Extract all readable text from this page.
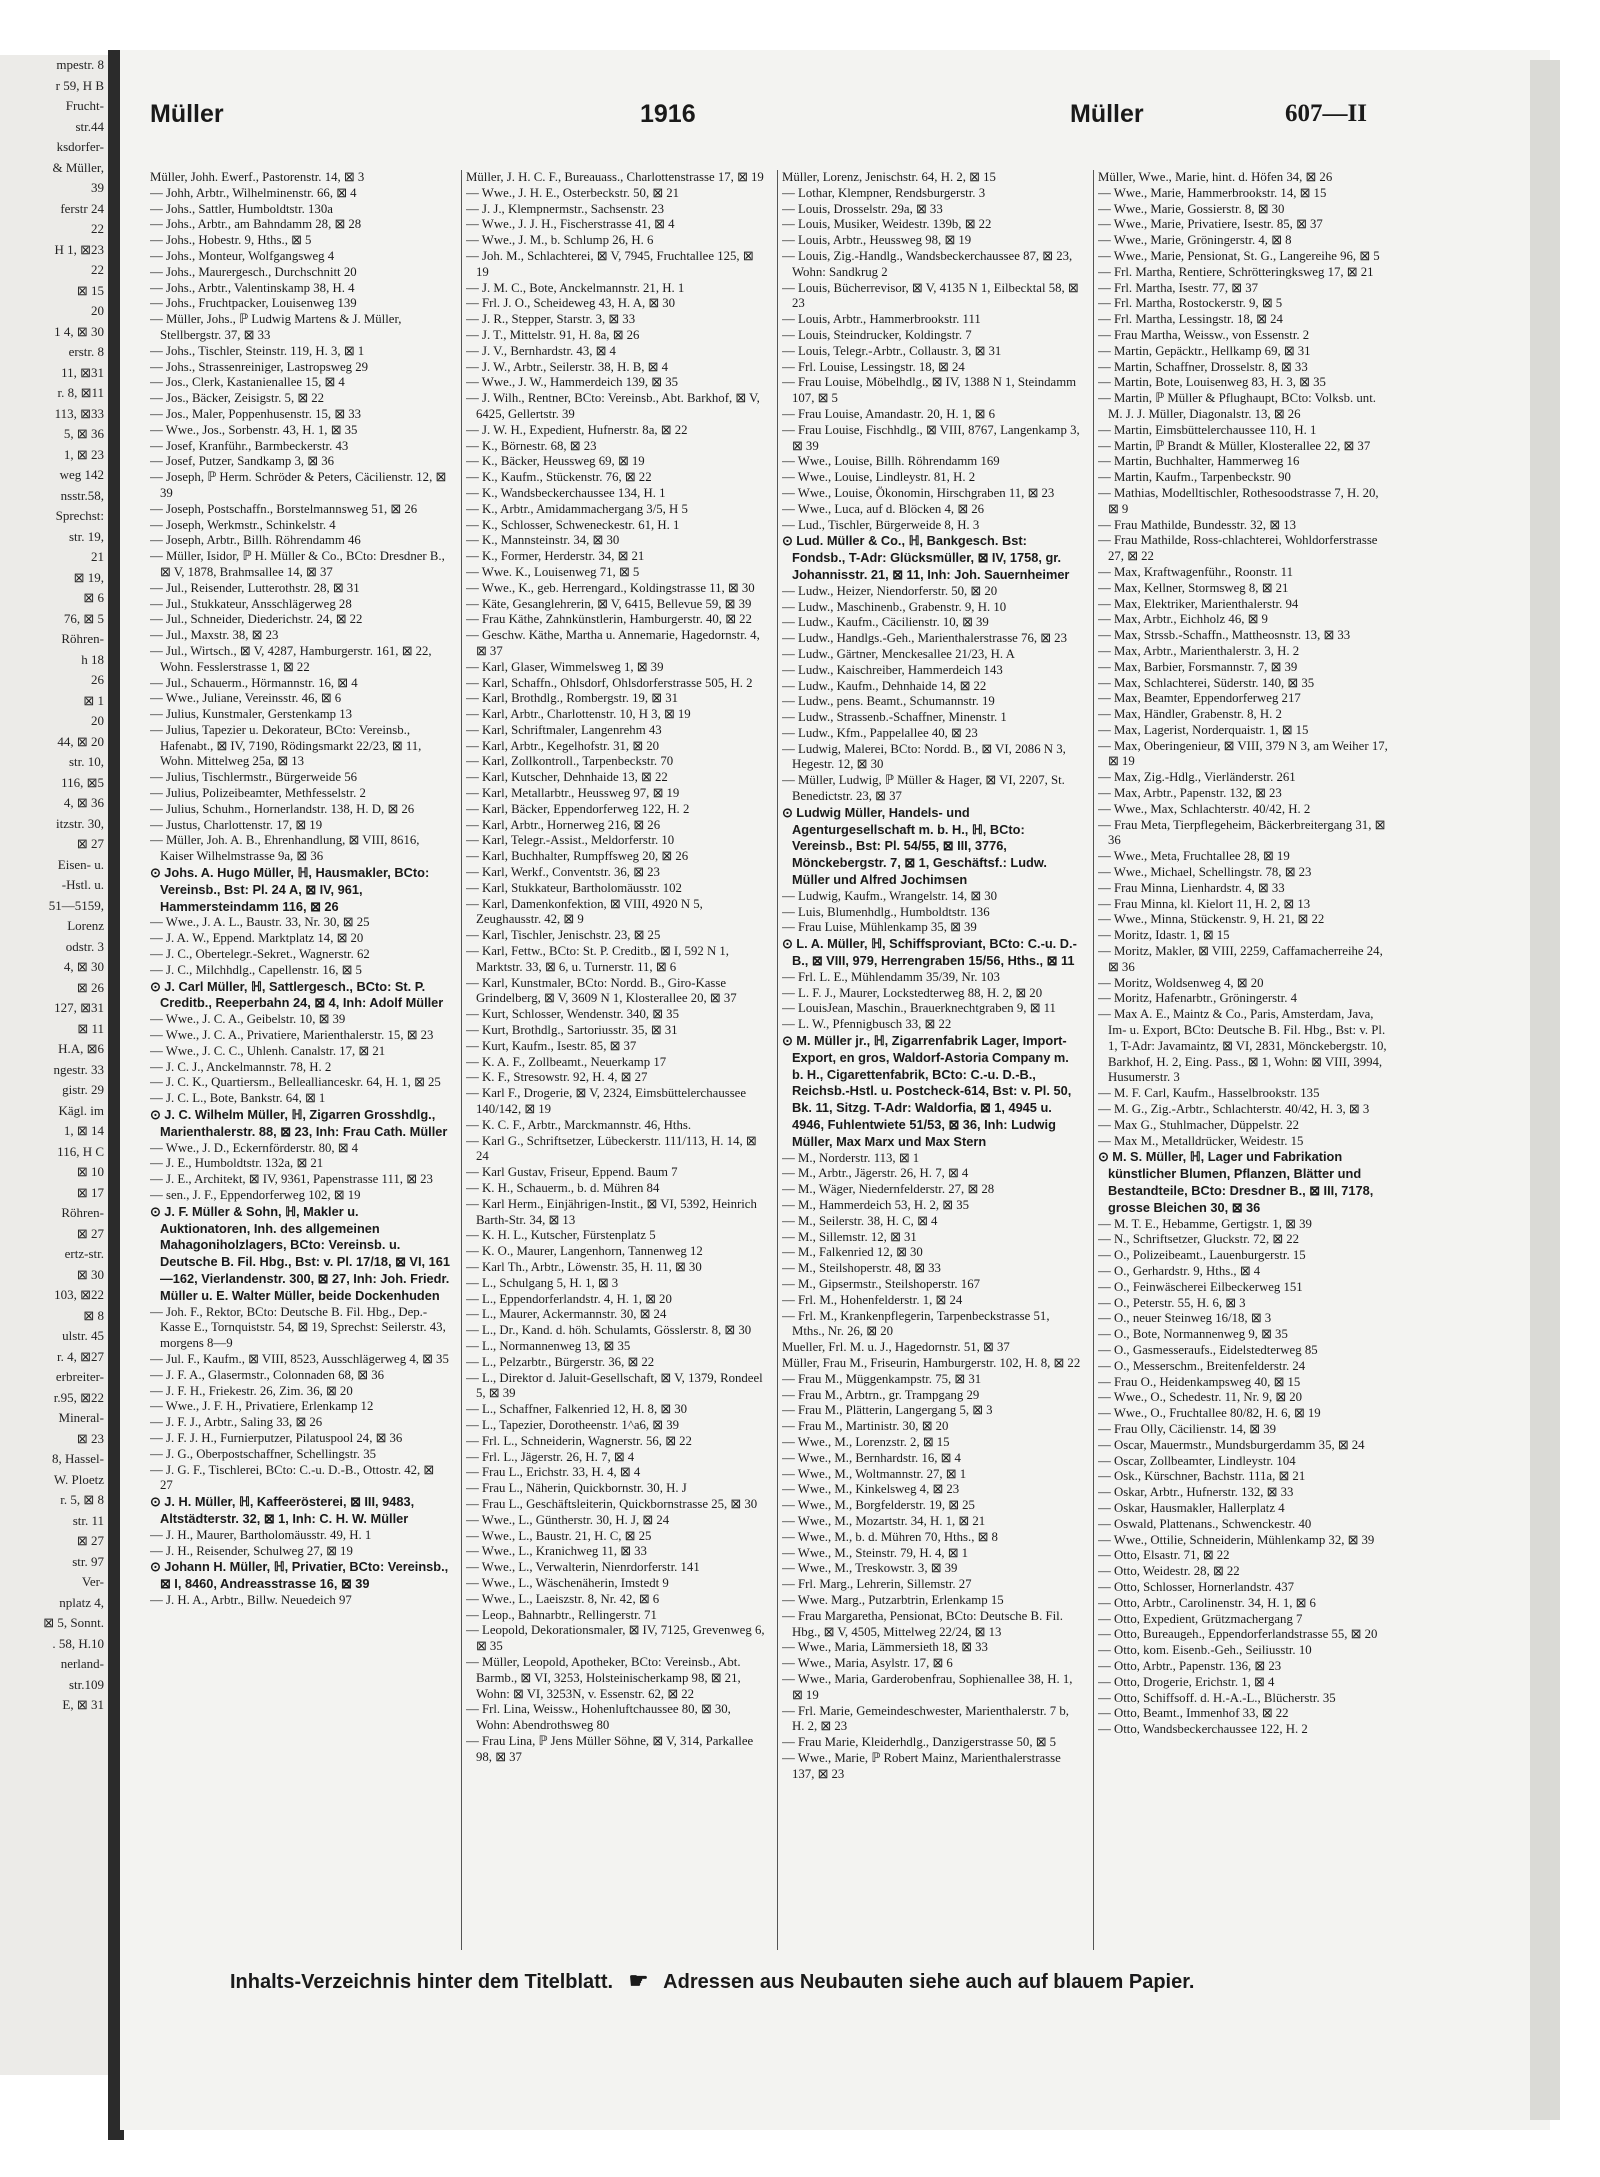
mpestr. 8
r 59, H B
Frucht-
str.44
ksdorfer-
& Müller,
39
ferstr 24
22
H 1, ⊠23
22
⊠ 15
20
1 4, ⊠ 30
erstr. 8
11, ⊠31
r. 8, ⊠11
113, ⊠33
5, ⊠ 36
1, ⊠ 23
weg 142
nsstr.58,
Sprechst:
str. 19,
21
⊠ 19,
⊠ 6
76, ⊠ 5
Röhren-
h 18
26
⊠ 1
20
44, ⊠ 20
str. 10,
116, ⊠5
4, ⊠ 36
itzstr. 30,
⊠ 27
Eisen- u.
-Hstl. u.
51—5159,
Lorenz
odstr. 3
4, ⊠ 30
⊠ 26
127, ⊠31
⊠ 11
H.A, ⊠6
ngestr. 33
gistr. 29
Kägl. im
1, ⊠ 14
116, H C
⊠ 10
⊠ 17
Röhren-
⊠ 27
ertz-str.
⊠ 30
103, ⊠22
⊠ 8
ulstr. 45
r. 4, ⊠27
erbreiter-
r.95, ⊠22
Mineral-
⊠ 23
8, Hassel-
W. Ploetz
r. 5, ⊠ 8
str. 11
⊠ 27
str. 97
Ver-
nplatz 4,
⊠ 5, Sonnt.
. 58, H.10
nerland-
str.109
E, ⊠ 31
Müller	1916	Müller	607—II

Müller, Johh. Ewerf., Pastorenstr. 14, ⊠ 3

— Johh, Arbtr., Wilhelminenstr. 66, ⊠ 4

— Johs., Sattler, Humboldtstr. 130a

— Johs., Arbtr., am Bahndamm 28, ⊠ 28

— Johs., Hobestr. 9, Hths., ⊠ 5

— Johs., Monteur, Wolfgangsweg 4

— Johs., Maurergesch., Durchschnitt 20

— Johs., Arbtr., Valentinskamp 38, H. 4

— Johs., Fruchtpacker, Louisenweg 139

— Müller, Johs., ℙ Ludwig Martens & J. Müller, Stellbergstr. 37, ⊠ 33

— Johs., Tischler, Steinstr. 119, H. 3, ⊠ 1

— Johs., Strassenreiniger, Lastropsweg 29

— Jos., Clerk, Kastanienallee 15, ⊠ 4

— Jos., Bäcker, Zeisigstr. 5, ⊠ 22

— Jos., Maler, Poppenhusenstr. 15, ⊠ 33

— Wwe., Jos., Sorbenstr. 43, H. 1, ⊠ 35

— Josef, Kranführ., Barmbeckerstr. 43

— Josef, Putzer, Sandkamp 3, ⊠ 36

— Joseph, ℙ Herm. Schröder & Peters, Cäcilienstr. 12, ⊠ 39

— Joseph, Postschaffn., Borstelmannsweg 51, ⊠ 26

— Joseph, Werkmstr., Schinkelstr. 4

— Joseph, Arbtr., Billh. Röhrendamm 46

— Müller, Isidor, ℙ H. Müller & Co., BCto: Dresdner B., ⊠ V, 1878, Brahmsallee 14, ⊠ 37

— Jul., Reisender, Lutterothstr. 28, ⊠ 31

— Jul., Stukkateur, Ansschlägerweg 28

— Jul., Schneider, Diederichstr. 24, ⊠ 22

— Jul., Maxstr. 38, ⊠ 23

— Jul., Wirtsch., ⊠ V, 4287, Hamburgerstr. 161, ⊠ 22, Wohn. Fesslerstrasse 1, ⊠ 22

— Jul., Schauerm., Hörmannstr. 16, ⊠ 4

— Wwe., Juliane, Vereinsstr. 46, ⊠ 6

— Julius, Kunstmaler, Gerstenkamp 13

— Julius, Tapezier u. Dekorateur, BCto: Vereinsb., Hafenabt., ⊠ IV, 7190, Rödingsmarkt 22/23, ⊠ 11, Wohn. Mittelweg 25a, ⊠ 13

— Julius, Tischlermstr., Bürgerweide 56

— Julius, Polizeibeamter, Methfesselstr. 2

— Julius, Schuhm., Hornerlandstr. 138, H. D, ⊠ 26

— Justus, Charlottenstr. 17, ⊠ 19

— Müller, Joh. A. B., Ehrenhandlung, ⊠ VIII, 8616, Kaiser Wilhelmstrasse 9a, ⊠ 36

⊙ Johs. A. Hugo Müller, ℍ, Hausmakler, BCto: Vereinsb., Bst: Pl. 24 A, ⊠ IV, 961, Hammersteindamm 116, ⊠ 26

— Wwe., J. A. L., Baustr. 33, Nr. 30, ⊠ 25

— J. A. W., Eppend. Marktplatz 14, ⊠ 20

— J. C., Obertelegr.-Sekret., Wagnerstr. 62

— J. C., Milchhdlg., Capellenstr. 16, ⊠ 5

⊙ J. Carl Müller, ℍ, Sattlergesch., BCto: St. P. Creditb., Reeperbahn 24, ⊠ 4, Inh: Adolf Müller

— Wwe., J. C. A., Geibelstr. 10, ⊠ 39

— Wwe., J. C. A., Privatiere, Marienthalerstr. 15, ⊠ 23

— Wwe., J. C. C., Uhlenh. Canalstr. 17, ⊠ 21

— J. C. J., Anckelmannstr. 78, H. 2

— J. C. K., Quartiersm., Belleallianceskr. 64, H. 1, ⊠ 25

— J. C. L., Bote, Bankstr. 64, ⊠ 1

⊙ J. C. Wilhelm Müller, ℍ, Zigarren Grosshdlg., Marienthalerstr. 88, ⊠ 23, Inh: Frau Cath. Müller

— Wwe., J. D., Eckernförderstr. 80, ⊠ 4

— J. E., Humboldtstr. 132a, ⊠ 21

— J. E., Architekt, ⊠ IV, 9361, Papenstrasse 111, ⊠ 23

— sen., J. F., Eppendorferweg 102, ⊠ 19

⊙ J. F. Müller & Sohn, ℍ, Makler u. Auktionatoren, Inh. des allgemeinen Mahagoniholzlagers, BCto: Vereinsb. u. Deutsche B. Fil. Hbg., Bst: v. Pl. 17/18, ⊠ VI, 161—162, Vierlandenstr. 300, ⊠ 27, Inh: Joh. Friedr. Müller u. E. Walter Müller, beide Dockenhuden

— Joh. F., Rektor, BCto: Deutsche B. Fil. Hbg., Dep.-Kasse E., Tornquiststr. 54, ⊠ 19, Sprechst: Seilerstr. 43, morgens 8—9

— Jul. F., Kaufm., ⊠ VIII, 8523, Ausschlägerweg 4, ⊠ 35

— J. F. A., Glasermstr., Colonnaden 68, ⊠ 36

— J. F. H., Friekestr. 26, Zim. 36, ⊠ 20

— Wwe., J. F. H., Privatiere, Erlenkamp 12

— J. F. J., Arbtr., Saling 33, ⊠ 26

— J. F. J. H., Furnierputzer, Pilatuspool 24, ⊠ 36

— J. G., Oberpostschaffner, Schellingstr. 35

— J. G. F., Tischlerei, BCto: C.-u. D.-B., Ottostr. 42, ⊠ 27

⊙ J. H. Müller, ℍ, Kaffeerösterei, ⊠ III, 9483, Altstädterstr. 32, ⊠ 1, Inh: C. H. W. Müller

— J. H., Maurer, Bartholomäusstr. 49, H. 1

— J. H., Reisender, Schulweg 27, ⊠ 19

⊙ Johann H. Müller, ℍ, Privatier, BCto: Vereinsb., ⊠ I, 8460, Andreasstrasse 16, ⊠ 39

— J. H. A., Arbtr., Billw. Neuedeich 97

Müller, J. H. C. F., Bureauass., Charlottenstrasse 17, ⊠ 19

— Wwe., J. H. E., Osterbeckstr. 50, ⊠ 21

— J. J., Klempnermstr., Sachsenstr. 23

— Wwe., J. J. H., Fischerstrasse 41, ⊠ 4

— Wwe., J. M., b. Schlump 26, H. 6

— Joh. M., Schlachterei, ⊠ V, 7945, Fruchtallee 125, ⊠ 19

— J. M. C., Bote, Anckelmannstr. 21, H. 1

— Frl. J. O., Scheideweg 43, H. A, ⊠ 30

— J. R., Stepper, Starstr. 3, ⊠ 33

— J. T., Mittelstr. 91, H. 8a, ⊠ 26

— J. V., Bernhardstr. 43, ⊠ 4

— J. W., Arbtr., Seilerstr. 38, H. B, ⊠ 4

— Wwe., J. W., Hammerdeich 139, ⊠ 35

— J. Wilh., Rentner, BCto: Vereinsb., Abt. Barkhof, ⊠ V, 6425, Gellertstr. 39

— J. W. H., Expedient, Hufnerstr. 8a, ⊠ 22

— K., Börnestr. 68, ⊠ 23

— K., Bäcker, Heussweg 69, ⊠ 19

— K., Kaufm., Stückenstr. 76, ⊠ 22

— K., Wandsbeckerchaussee 134, H. 1

— K., Arbtr., Amidammachergang 3/5, H 5

— K., Schlosser, Schweneckestr. 61, H. 1

— K., Mannsteinstr. 34, ⊠ 30

— K., Former, Herderstr. 34, ⊠ 21

— Wwe. K., Louisenweg 71, ⊠ 5

— Wwe., K., geb. Herrengard., Koldingstrasse 11, ⊠ 30

— Käte, Gesanglehrerin, ⊠ V, 6415, Bellevue 59, ⊠ 39

— Frau Käthe, Zahnkünstlerin, Hamburgerstr. 40, ⊠ 22

— Geschw. Käthe, Martha u. Annemarie, Hagedornstr. 4, ⊠ 37

— Karl, Glaser, Wimmelsweg 1, ⊠ 39

— Karl, Schaffn., Ohlsdorf, Ohlsdorferstrasse 505, H. 2

— Karl, Brothdlg., Rombergstr. 19, ⊠ 31

— Karl, Arbtr., Charlottenstr. 10, H 3, ⊠ 19

— Karl, Schriftmaler, Langenrehm 43

— Karl, Arbtr., Kegelhofstr. 31, ⊠ 20

— Karl, Zollkontroll., Tarpenbeckstr. 70

— Karl, Kutscher, Dehnhaide 13, ⊠ 22

— Karl, Metallarbtr., Heussweg 97, ⊠ 19

— Karl, Bäcker, Eppendorferweg 122, H. 2

— Karl, Arbtr., Hornerweg 216, ⊠ 26

— Karl, Telegr.-Assist., Meldorferstr. 10

— Karl, Buchhalter, Rumpffsweg 20, ⊠ 26

— Karl, Werkf., Conventstr. 36, ⊠ 23

— Karl, Stukkateur, Bartholomäusstr. 102

— Karl, Damenkonfektion, ⊠ VIII, 4920 N 5, Zeughausstr. 42, ⊠ 9

— Karl, Tischler, Jenischstr. 23, ⊠ 25

— Karl, Fettw., BCto: St. P. Creditb., ⊠ I, 592 N 1, Marktstr. 33, ⊠ 6, u. Turnerstr. 11, ⊠ 6

— Karl, Kunstmaler, BCto: Nordd. B., Giro-Kasse Grindelberg, ⊠ V, 3609 N 1, Klosterallee 20, ⊠ 37

— Kurt, Schlosser, Wendenstr. 340, ⊠ 35

— Kurt, Brothdlg., Sartoriusstr. 35, ⊠ 31

— Kurt, Kaufm., Isestr. 85, ⊠ 37

— K. A. F., Zollbeamt., Neuerkamp 17

— K. F., Stresowstr. 92, H. 4, ⊠ 27

— Karl F., Drogerie, ⊠ V, 2324, Eimsbüttelerchaussee 140/142, ⊠ 19

— K. C. F., Arbtr., Marckmannstr. 46, Hths.

— Karl G., Schriftsetzer, Lübeckerstr. 111/113, H. 14, ⊠ 24

— Karl Gustav, Friseur, Eppend. Baum 7

— K. H., Schauerm., b. d. Mühren 84

— Karl Herm., Einjährigen-Instit., ⊠ VI, 5392, Heinrich Barth-Str. 34, ⊠ 13

— K. H. L., Kutscher, Fürstenplatz 5

— K. O., Maurer, Langenhorn, Tannenweg 12

— Karl Th., Arbtr., Löwenstr. 35, H. 11, ⊠ 30

— L., Schulgang 5, H. 1, ⊠ 3

— L., Eppendorferlandstr. 4, H. 1, ⊠ 20

— L., Maurer, Ackermannstr. 30, ⊠ 24

— L., Dr., Kand. d. höh. Schulamts, Gösslerstr. 8, ⊠ 30

— L., Normannenweg 13, ⊠ 35

— L., Pelzarbtr., Bürgerstr. 36, ⊠ 22

— L., Direktor d. Jaluit-Gesellschaft, ⊠ V, 1379, Rondeel 5, ⊠ 39

— L., Schaffner, Falkenried 12, H. 8, ⊠ 30

— L., Tapezier, Dorotheenstr. 1^a6, ⊠ 39

— Frl. L., Schneiderin, Wagnerstr. 56, ⊠ 22

— Frl. L., Jägerstr. 26, H. 7, ⊠ 4

— Frau L., Erichstr. 33, H. 4, ⊠ 4

— Frau L., Näherin, Quickbornstr. 30, H. J

— Frau L., Geschäftsleiterin, Quickbornstrasse 25, ⊠ 30

— Wwe., L., Güntherstr. 30, H. J, ⊠ 24

— Wwe., L., Baustr. 21, H. C, ⊠ 25

— Wwe., L., Kranichweg 11, ⊠ 33

— Wwe., L., Verwalterin, Nienrdorferstr. 141

— Wwe., L., Wäschenäherin, Imstedt 9

— Wwe., L., Laeiszstr. 8, Nr. 42, ⊠ 6

— Leop., Bahnarbtr., Rellingerstr. 71

— Leopold, Dekorationsmaler, ⊠ IV, 7125, Grevenweg 6, ⊠ 35

— Müller, Leopold, Apotheker, BCto: Vereinsb., Abt. Barmb., ⊠ VI, 3253, Holsteinischerkamp 98, ⊠ 21, Wohn: ⊠ VI, 3253N, v. Essenstr. 62, ⊠ 22

— Frl. Lina, Weissw., Hohenluftchaussee 80, ⊠ 30, Wohn: Abendrothsweg 80

— Frau Lina, ℙ Jens Müller Söhne, ⊠ V, 314, Parkallee 98, ⊠ 37

Müller, Lorenz, Jenischstr. 64, H. 2, ⊠ 15

— Lothar, Klempner, Rendsburgerstr. 3

— Louis, Drosselstr. 29a, ⊠ 33

— Louis, Musiker, Weidestr. 139b, ⊠ 22

— Louis, Arbtr., Heussweg 98, ⊠ 19

— Louis, Zig.-Handlg., Wandsbeckerchaussee 87, ⊠ 23, Wohn: Sandkrug 2

— Louis, Bücherrevisor, ⊠ V, 4135 N 1, Eilbecktal 58, ⊠ 23

— Louis, Arbtr., Hammerbrookstr. 111

— Louis, Steindrucker, Koldingstr. 7

— Louis, Telegr.-Arbtr., Collaustr. 3, ⊠ 31

— Frl. Louise, Lessingstr. 18, ⊠ 24

— Frau Louise, Möbelhdlg., ⊠ IV, 1388 N 1, Steindamm 107, ⊠ 5

— Frau Louise, Amandastr. 20, H. 1, ⊠ 6

— Frau Louise, Fischhdlg., ⊠ VIII, 8767, Langenkamp 3, ⊠ 39

— Wwe., Louise, Billh. Röhrendamm 169

— Wwe., Louise, Lindleystr. 81, H. 2

— Wwe., Louise, Ökonomin, Hirschgraben 11, ⊠ 23

— Wwe., Luca, auf d. Blöcken 4, ⊠ 26

— Lud., Tischler, Bürgerweide 8, H. 3

⊙ Lud. Müller & Co., ℍ, Bankgesch. Bst: Fondsb., T-Adr: Glücksmüller, ⊠ IV, 1758, gr. Johannisstr. 21, ⊠ 11, Inh: Joh. Sauernheimer

— Ludw., Heizer, Niendorferstr. 50, ⊠ 20

— Ludw., Maschinenb., Grabenstr. 9, H. 10

— Ludw., Kaufm., Cäcilienstr. 10, ⊠ 39

— Ludw., Handlgs.-Geh., Marienthalerstrasse 76, ⊠ 23

— Ludw., Gärtner, Menckesallee 21/23, H. A

— Ludw., Kaischreiber, Hammerdeich 143

— Ludw., Kaufm., Dehnhaide 14, ⊠ 22

— Ludw., pens. Beamt., Schumannstr. 19

— Ludw., Strassenb.-Schaffner, Minenstr. 1

— Ludw., Kfm., Pappelallee 40, ⊠ 23

— Ludwig, Malerei, BCto: Nordd. B., ⊠ VI, 2086 N 3, Hegestr. 12, ⊠ 30

— Müller, Ludwig, ℙ Müller & Hager, ⊠ VI, 2207, St. Benedictstr. 23, ⊠ 37

⊙ Ludwig Müller, Handels- und Agenturgesellschaft m. b. H., ℍ, BCto: Vereinsb., Bst: Pl. 54/55, ⊠ III, 3776, Mönckebergstr. 7, ⊠ 1, Geschäftsf.: Ludw. Müller und Alfred Jochimsen

— Ludwig, Kaufm., Wrangelstr. 14, ⊠ 30

— Luis, Blumenhdlg., Humboldtstr. 136

— Frau Luise, Mühlenkamp 35, ⊠ 39

⊙ L. A. Müller, ℍ, Schiffsproviant, BCto: C.-u. D.-B., ⊠ VIII, 979, Herrengraben 15/56, Hths., ⊠ 11

— Frl. L. E., Mühlendamm 35/39, Nr. 103

— L. F. J., Maurer, Lockstedterweg 88, H. 2, ⊠ 20

— LouisJean, Maschin., Brauerknechtgraben 9, ⊠ 11

— L. W., Pfennigbusch 33, ⊠ 22

⊙ M. Müller jr., ℍ, Zigarrenfabrik Lager, Import-Export, en gros, Waldorf-Astoria Company m. b. H., Cigarettenfabrik, BCto: C.-u. D.-B., Reichsb.-Hstl. u. Postcheck-614, Bst: v. Pl. 50, Bk. 11, Sitzg. T-Adr: Waldorfia, ⊠ 1, 4945 u. 4946, Fuhlentwiete 51/53, ⊠ 36, Inh: Ludwig Müller, Max Marx und Max Stern

— M., Norderstr. 113, ⊠ 1

— M., Arbtr., Jägerstr. 26, H. 7, ⊠ 4

— M., Wäger, Niedernfelderstr. 27, ⊠ 28

— M., Hammerdeich 53, H. 2, ⊠ 35

— M., Seilerstr. 38, H. C, ⊠ 4

— M., Sillemstr. 12, ⊠ 31

— M., Falkenried 12, ⊠ 30

— M., Steilshoperstr. 48, ⊠ 33

— M., Gipsermstr., Steilshoperstr. 167

— Frl. M., Hohenfelderstr. 1, ⊠ 24

— Frl. M., Krankenpflegerin, Tarpenbeckstrasse 51, Mths., Nr. 26, ⊠ 20

Mueller, Frl. M. u. J., Hagedornstr. 51, ⊠ 37

Müller, Frau M., Friseurin, Hamburgerstr. 102, H. 8, ⊠ 22

— Frau M., Müggenkampstr. 75, ⊠ 31

— Frau M., Arbtrn., gr. Trampgang 29

— Frau M., Plätterin, Langergang 5, ⊠ 3

— Frau M., Martinistr. 30, ⊠ 20

— Wwe., M., Lorenzstr. 2, ⊠ 15

— Wwe., M., Bernhardstr. 16, ⊠ 4

— Wwe., M., Woltmannstr. 27, ⊠ 1

— Wwe., M., Kinkelsweg 4, ⊠ 23

— Wwe., M., Borgfelderstr. 19, ⊠ 25

— Wwe., M., Mozartstr. 34, H. 1, ⊠ 21

— Wwe., M., b. d. Mühren 70, Hths., ⊠ 8

— Wwe., M., Steinstr. 79, H. 4, ⊠ 1

— Wwe., M., Treskowstr. 3, ⊠ 39

— Frl. Marg., Lehrerin, Sillemstr. 27

— Wwe. Marg., Putzarbtrin, Erlenkamp 15

— Frau Margaretha, Pensionat, BCto: Deutsche B. Fil. Hbg., ⊠ V, 4505, Mittelweg 22/24, ⊠ 13

— Wwe., Maria, Lämmersieth 18, ⊠ 33

— Wwe., Maria, Asylstr. 17, ⊠ 6

— Wwe., Maria, Garderobenfrau, Sophienallee 38, H. 1, ⊠ 19

— Frl. Marie, Gemeindeschwester, Marienthalerstr. 7 b, H. 2, ⊠ 23

— Frau Marie, Kleiderhdlg., Danzigerstrasse 50, ⊠ 5

— Wwe., Marie, ℙ Robert Mainz, Marienthalerstrasse 137, ⊠ 23

Müller, Wwe., Marie, hint. d. Höfen 34, ⊠ 26

— Wwe., Marie, Hammerbrookstr. 14, ⊠ 15

— Wwe., Marie, Gossierstr. 8, ⊠ 30

— Wwe., Marie, Privatiere, Isestr. 85, ⊠ 37

— Wwe., Marie, Gröningerstr. 4, ⊠ 8

— Wwe., Marie, Pensionat, St. G., Langereihe 96, ⊠ 5

— Frl. Martha, Rentiere, Schrötteringksweg 17, ⊠ 21

— Frl. Martha, Isestr. 77, ⊠ 37

— Frl. Martha, Rostockerstr. 9, ⊠ 5

— Frl. Martha, Lessingstr. 18, ⊠ 24

— Frau Martha, Weissw., von Essenstr. 2

— Martin, Gepäcktr., Hellkamp 69, ⊠ 31

— Martin, Schaffner, Drosselstr. 8, ⊠ 33

— Martin, Bote, Louisenweg 83, H. 3, ⊠ 35

— Martin, ℙ Müller & Pflughaupt, BCto: Volksb. unt. M. J. J. Müller, Diagonalstr. 13, ⊠ 26

— Martin, Eimsbüttelerchaussee 110, H. 1

— Martin, ℙ Brandt & Müller, Klosterallee 22, ⊠ 37

— Martin, Buchhalter, Hammerweg 16

— Martin, Kaufm., Tarpenbeckstr. 90

— Mathias, Modelltischler, Rothesoodstrasse 7, H. 20, ⊠ 9

— Frau Mathilde, Bundesstr. 32, ⊠ 13

— Frau Mathilde, Ross-chlachterei, Wohldorferstrasse 27, ⊠ 22

— Max, Kraftwagenführ., Roonstr. 11

— Max, Kellner, Stormsweg 8, ⊠ 21

— Max, Elektriker, Marienthalerstr. 94

— Max, Arbtr., Eichholz 46, ⊠ 9

— Max, Strssb.-Schaffn., Mattheosnstr. 13, ⊠ 33

— Max, Arbtr., Marienthalerstr. 3, H. 2

— Max, Barbier, Forsmannstr. 7, ⊠ 39

— Max, Schlachterei, Süderstr. 140, ⊠ 35

— Max, Beamter, Eppendorferweg 217

— Max, Händler, Grabenstr. 8, H. 2

— Max, Lagerist, Norderquaistr. 1, ⊠ 15

— Max, Oberingenieur, ⊠ VIII, 379 N 3, am Weiher 17, ⊠ 19

— Max, Zig.-Hdlg., Vierländerstr. 261

— Max, Arbtr., Papenstr. 132, ⊠ 23

— Wwe., Max, Schlachterstr. 40/42, H. 2

— Frau Meta, Tierpflegeheim, Bäckerbreitergang 31, ⊠ 36

— Wwe., Meta, Fruchtallee 28, ⊠ 19

— Wwe., Michael, Schellingstr. 78, ⊠ 23

— Frau Minna, Lienhardstr. 4, ⊠ 33

— Frau Minna, kl. Kielort 11, H. 2, ⊠ 13

— Wwe., Minna, Stückenstr. 9, H. 21, ⊠ 22

— Moritz, Idastr. 1, ⊠ 15

— Moritz, Makler, ⊠ VIII, 2259, Caffamacherreihe 24, ⊠ 36

— Moritz, Woldsenweg 4, ⊠ 20

— Moritz, Hafenarbtr., Gröningerstr. 4

— Max A. E., Maintz & Co., Paris, Amsterdam, Java, Im- u. Export, BCto: Deutsche B. Fil. Hbg., Bst: v. Pl. 1, T-Adr: Javamaintz, ⊠ VI, 2831, Mönckebergstr. 10, Barkhof, H. 2, Eing. Pass., ⊠ 1, Wohn: ⊠ VIII, 3994, Husumerstr. 3

— M. F. Carl, Kaufm., Hasselbrookstr. 135

— M. G., Zig.-Arbtr., Schlachterstr. 40/42, H. 3, ⊠ 3

— Max G., Stuhlmacher, Düppelstr. 22

— Max M., Metalldrücker, Weidestr. 15

⊙ M. S. Müller, ℍ, Lager und Fabrikation künstlicher Blumen, Pflanzen, Blätter und Bestandteile, BCto: Dresdner B., ⊠ III, 7178, grosse Bleichen 30, ⊠ 36

— M. T. E., Hebamme, Gertigstr. 1, ⊠ 39

— N., Schriftsetzer, Gluckstr. 72, ⊠ 22

— O., Polizeibeamt., Lauenburgerstr. 15

— O., Gerhardstr. 9, Hths., ⊠ 4

— O., Feinwäscherei Eilbeckerweg 151

— O., Peterstr. 55, H. 6, ⊠ 3

— O., neuer Steinweg 16/18, ⊠ 3

— O., Bote, Normannenweg 9, ⊠ 35

— O., Gasmesseraufs., Eidelstedterweg 85

— O., Messerschm., Breitenfelderstr. 24

— Frau O., Heidenkampsweg 40, ⊠ 15

— Wwe., O., Schedestr. 11, Nr. 9, ⊠ 20

— Wwe., O., Fruchtallee 80/82, H. 6, ⊠ 19

— Frau Olly, Cäcilienstr. 14, ⊠ 39

— Oscar, Mauermstr., Mundsburgerdamm 35, ⊠ 24

— Oscar, Zollbeamter, Lindleystr. 104

— Osk., Kürschner, Bachstr. 111a, ⊠ 21

— Oskar, Arbtr., Hufnerstr. 132, ⊠ 33

— Oskar, Hausmakler, Hallerplatz 4

— Oswald, Plattenans., Schwenckestr. 40

— Wwe., Ottilie, Schneiderin, Mühlenkamp 32, ⊠ 39

— Otto, Elsastr. 71, ⊠ 22

— Otto, Weidestr. 28, ⊠ 22

— Otto, Schlosser, Hornerlandstr. 437

— Otto, Arbtr., Carolinenstr. 34, H. 1, ⊠ 6

— Otto, Expedient, Grützmachergang 7

— Otto, Bureaugeh., Eppendorferlandstrasse 55, ⊠ 20

— Otto, kom. Eisenb.-Geh., Seiliusstr. 10

— Otto, Arbtr., Papenstr. 136, ⊠ 23

— Otto, Drogerie, Erichstr. 1, ⊠ 4

— Otto, Schiffsoff. d. H.-A.-L., Blücherstr. 35

— Otto, Beamt., Immenhof 33, ⊠ 22

— Otto, Wandsbeckerchaussee 122, H. 2

Inhalts-Verzeichnis hinter dem Titelblatt. ☛ Adressen aus Neubauten siehe auch auf blauem Papier.
